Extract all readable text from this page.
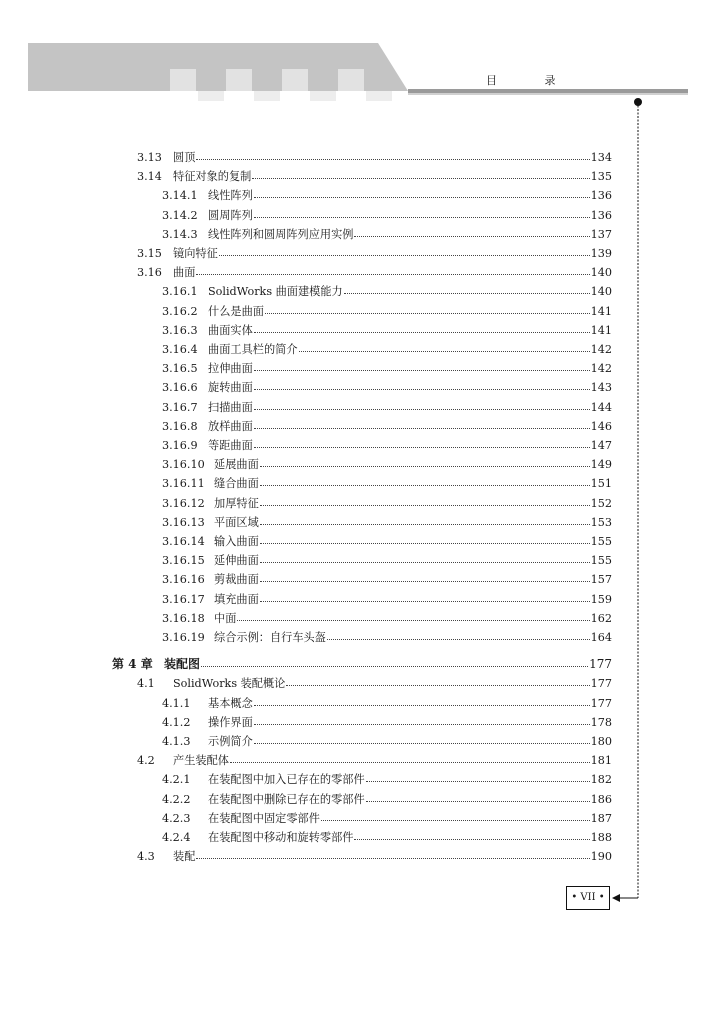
目 录
3.13 圆顶	134
3.14 特征对象的复制	135
3.14.1 线性阵列	136
3.14.2 圆周阵列	136
3.14.3 线性阵列和圆周阵列应用实例	137
3.15 镜向特征	139
3.16 曲面	140
3.16.1 SolidWorks 曲面建模能力	140
3.16.2 什么是曲面	141
3.16.3 曲面实体	141
3.16.4 曲面工具栏的简介	142
3.16.5 拉伸曲面	142
3.16.6 旋转曲面	143
3.16.7 扫描曲面	144
3.16.8 放样曲面	146
3.16.9 等距曲面	147
3.16.10 延展曲面	149
3.16.11 缝合曲面	151
3.16.12 加厚特征	152
3.16.13 平面区域	153
3.16.14 输入曲面	155
3.16.15 延伸曲面	155
3.16.16 剪裁曲面	157
3.16.17 填充曲面	159
3.16.18 中面	162
3.16.19 综合示例：自行车头盔	164
第 4 章 装配图	177
4.1	SolidWorks 装配概论	177
4.1.1	基本概念	177
4.1.2	操作界面	178
4.1.3	示例简介	180
4.2	产生装配体	181
4.2.1	在装配图中加入已存在的零部件	182
4.2.2	在装配图中删除已存在的零部件	186
4.2.3	在装配图中固定零部件	187
4.2.4	在装配图中移动和旋转零部件	188
4.3	装配	190
• VII •
